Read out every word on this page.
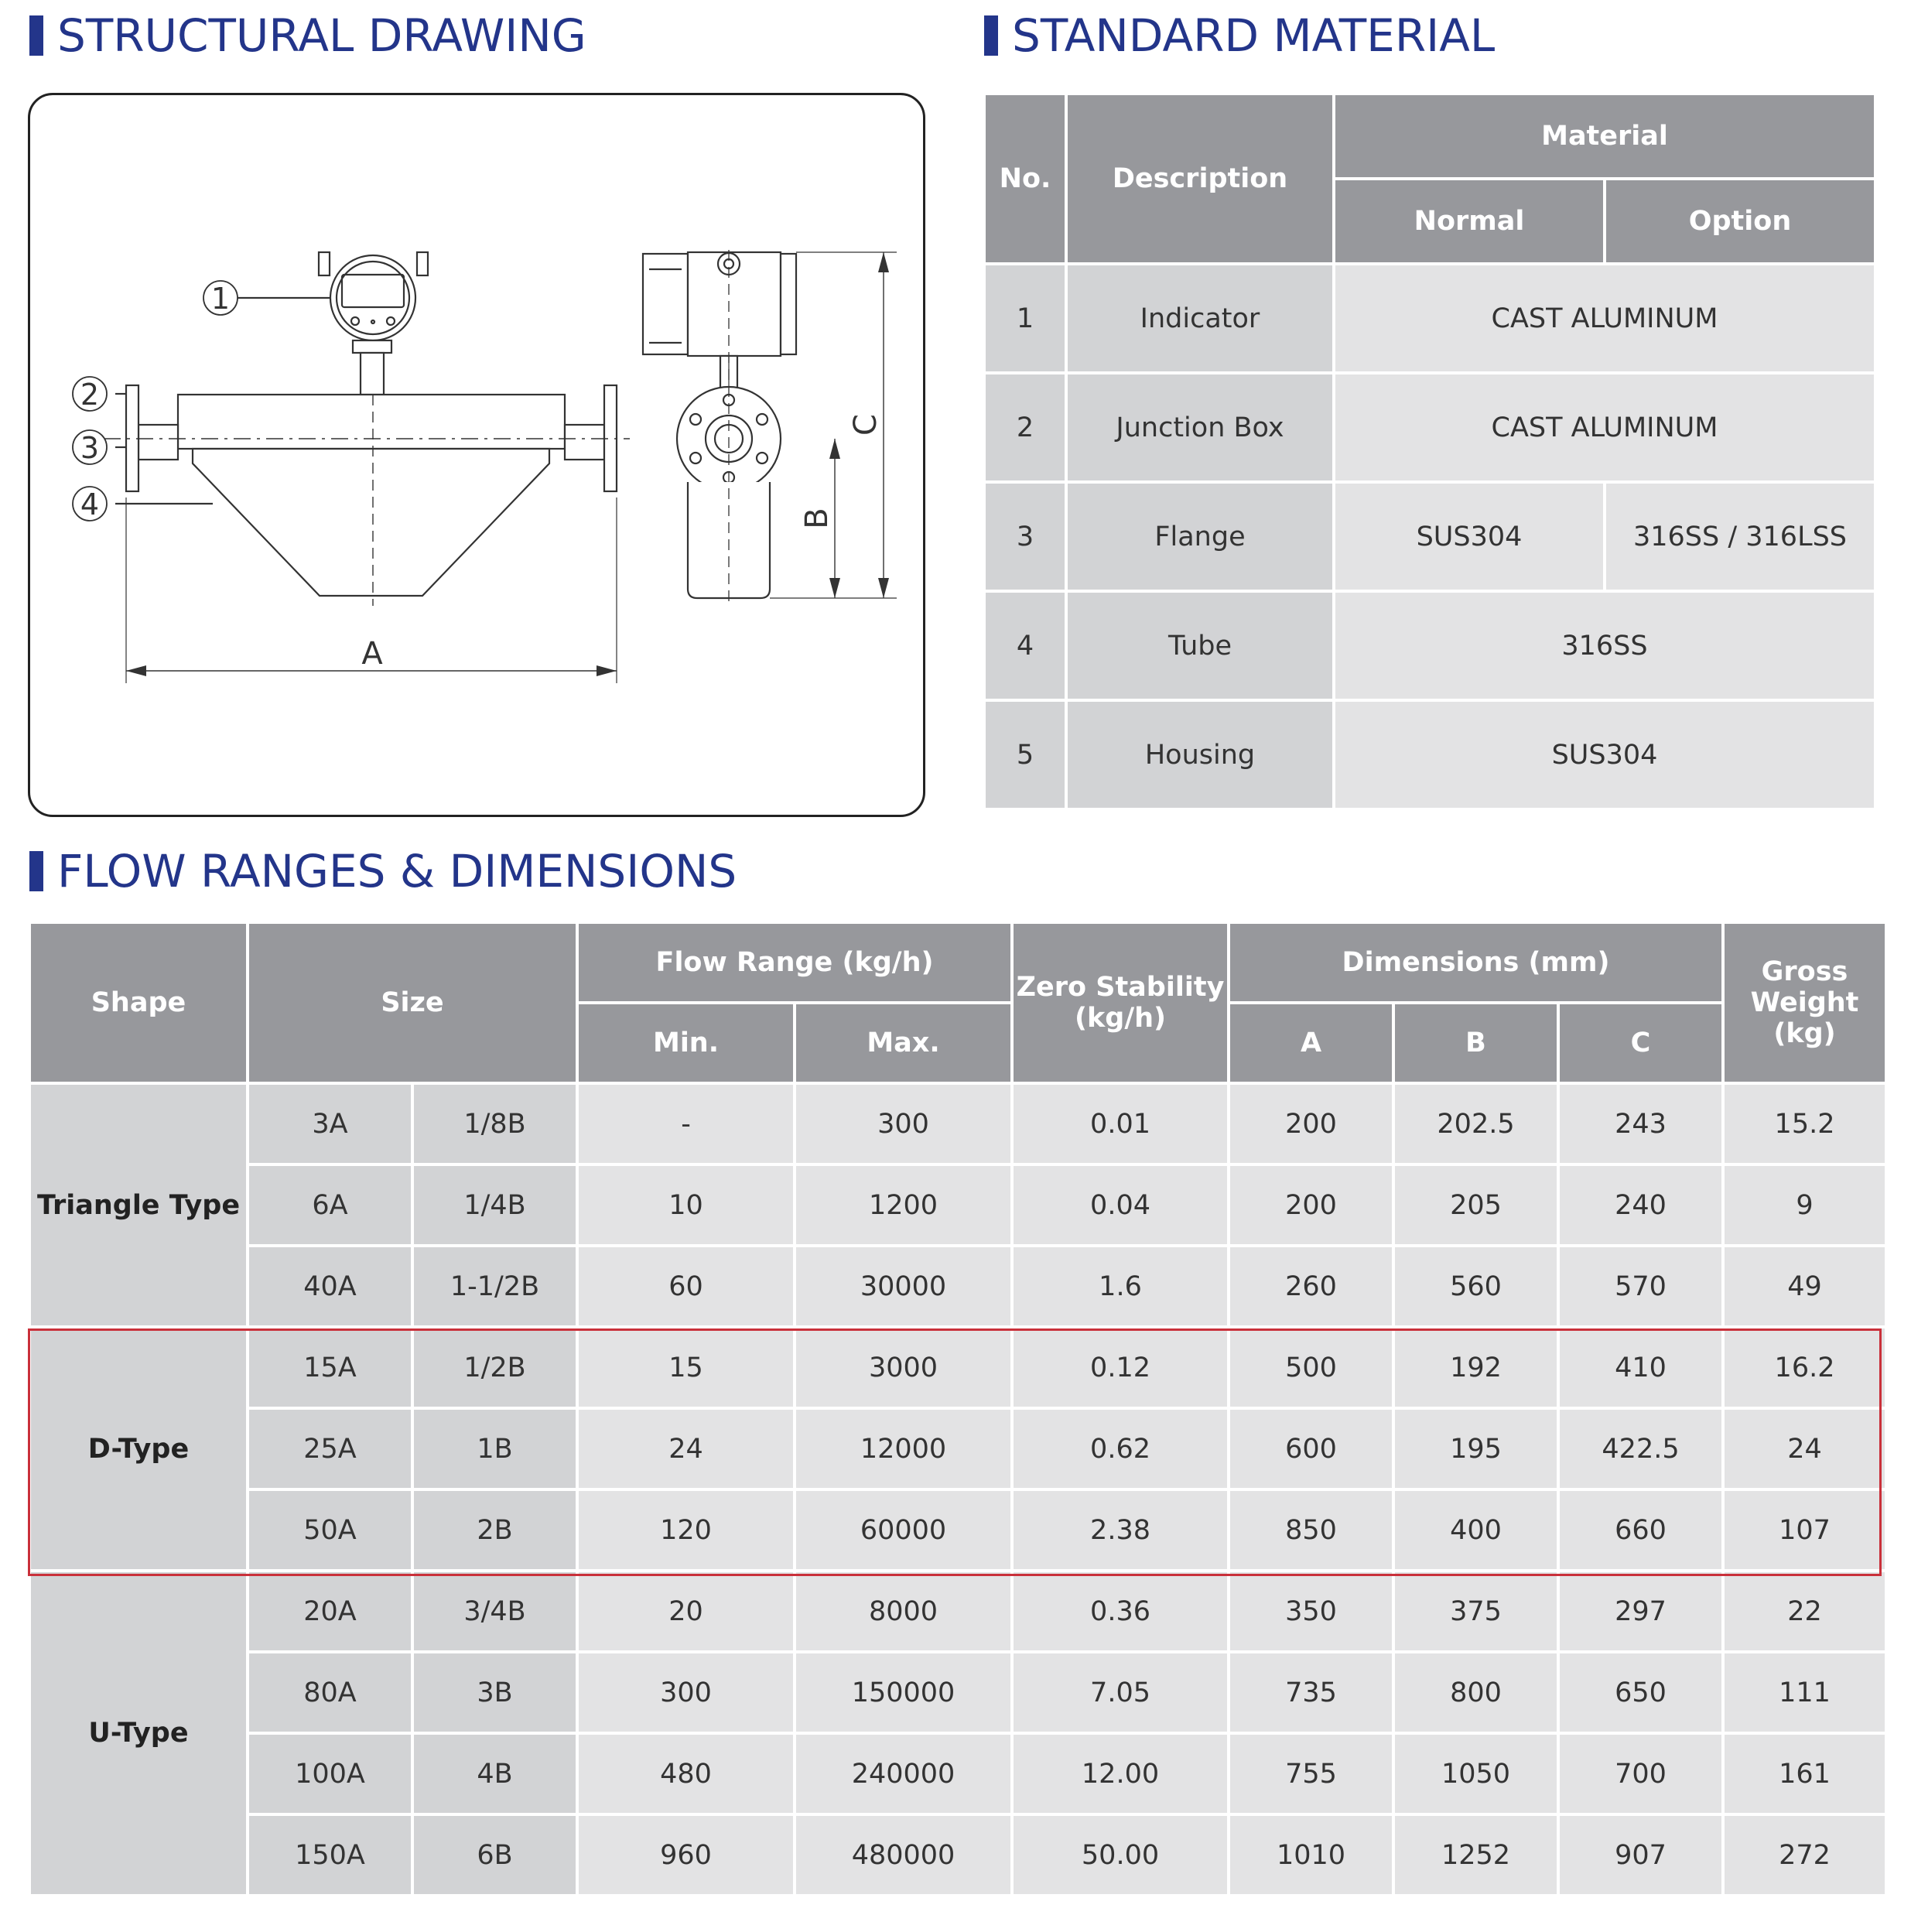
STRUCTURAL DRAWING	STANDARD MATERIAL
FLOW RANGES & DIMENSIONS
1
2
3
4
A
B
C
No.	Description	Material	
		Normal	Option
1	Indicator	CAST ALUMINUM	
2	Junction Box	CAST ALUMINUM	
3	Flange	SUS304	316SS / 316LSS
4	Tube	316SS	
5	Housing	SUS304	
Shape	Size		Flow Range (kg/h)		Zero Stability (kg/h)	Dimensions (mm)			Gross Weight (kg)
			Min.	Max.		A	B	C	
Triangle Type	3A	1/8B	-	300	0.01	200	202.5	243	15.2
	6A	1/4B	10	1200	0.04	200	205	240	9
	40A	1-1/2B	60	30000	1.6	260	560	570	49
D-Type	15A	1/2B	15	3000	0.12	500	192	410	16.2
	25A	1B	24	12000	0.62	600	195	422.5	24
	50A	2B	120	60000	2.38	850	400	660	107
U-Type	20A	3/4B	20	8000	0.36	350	375	297	22
	80A	3B	300	150000	7.05	735	800	650	111
	100A	4B	480	240000	12.00	755	1050	700	161
	150A	6B	960	480000	50.00	1010	1252	907	272
